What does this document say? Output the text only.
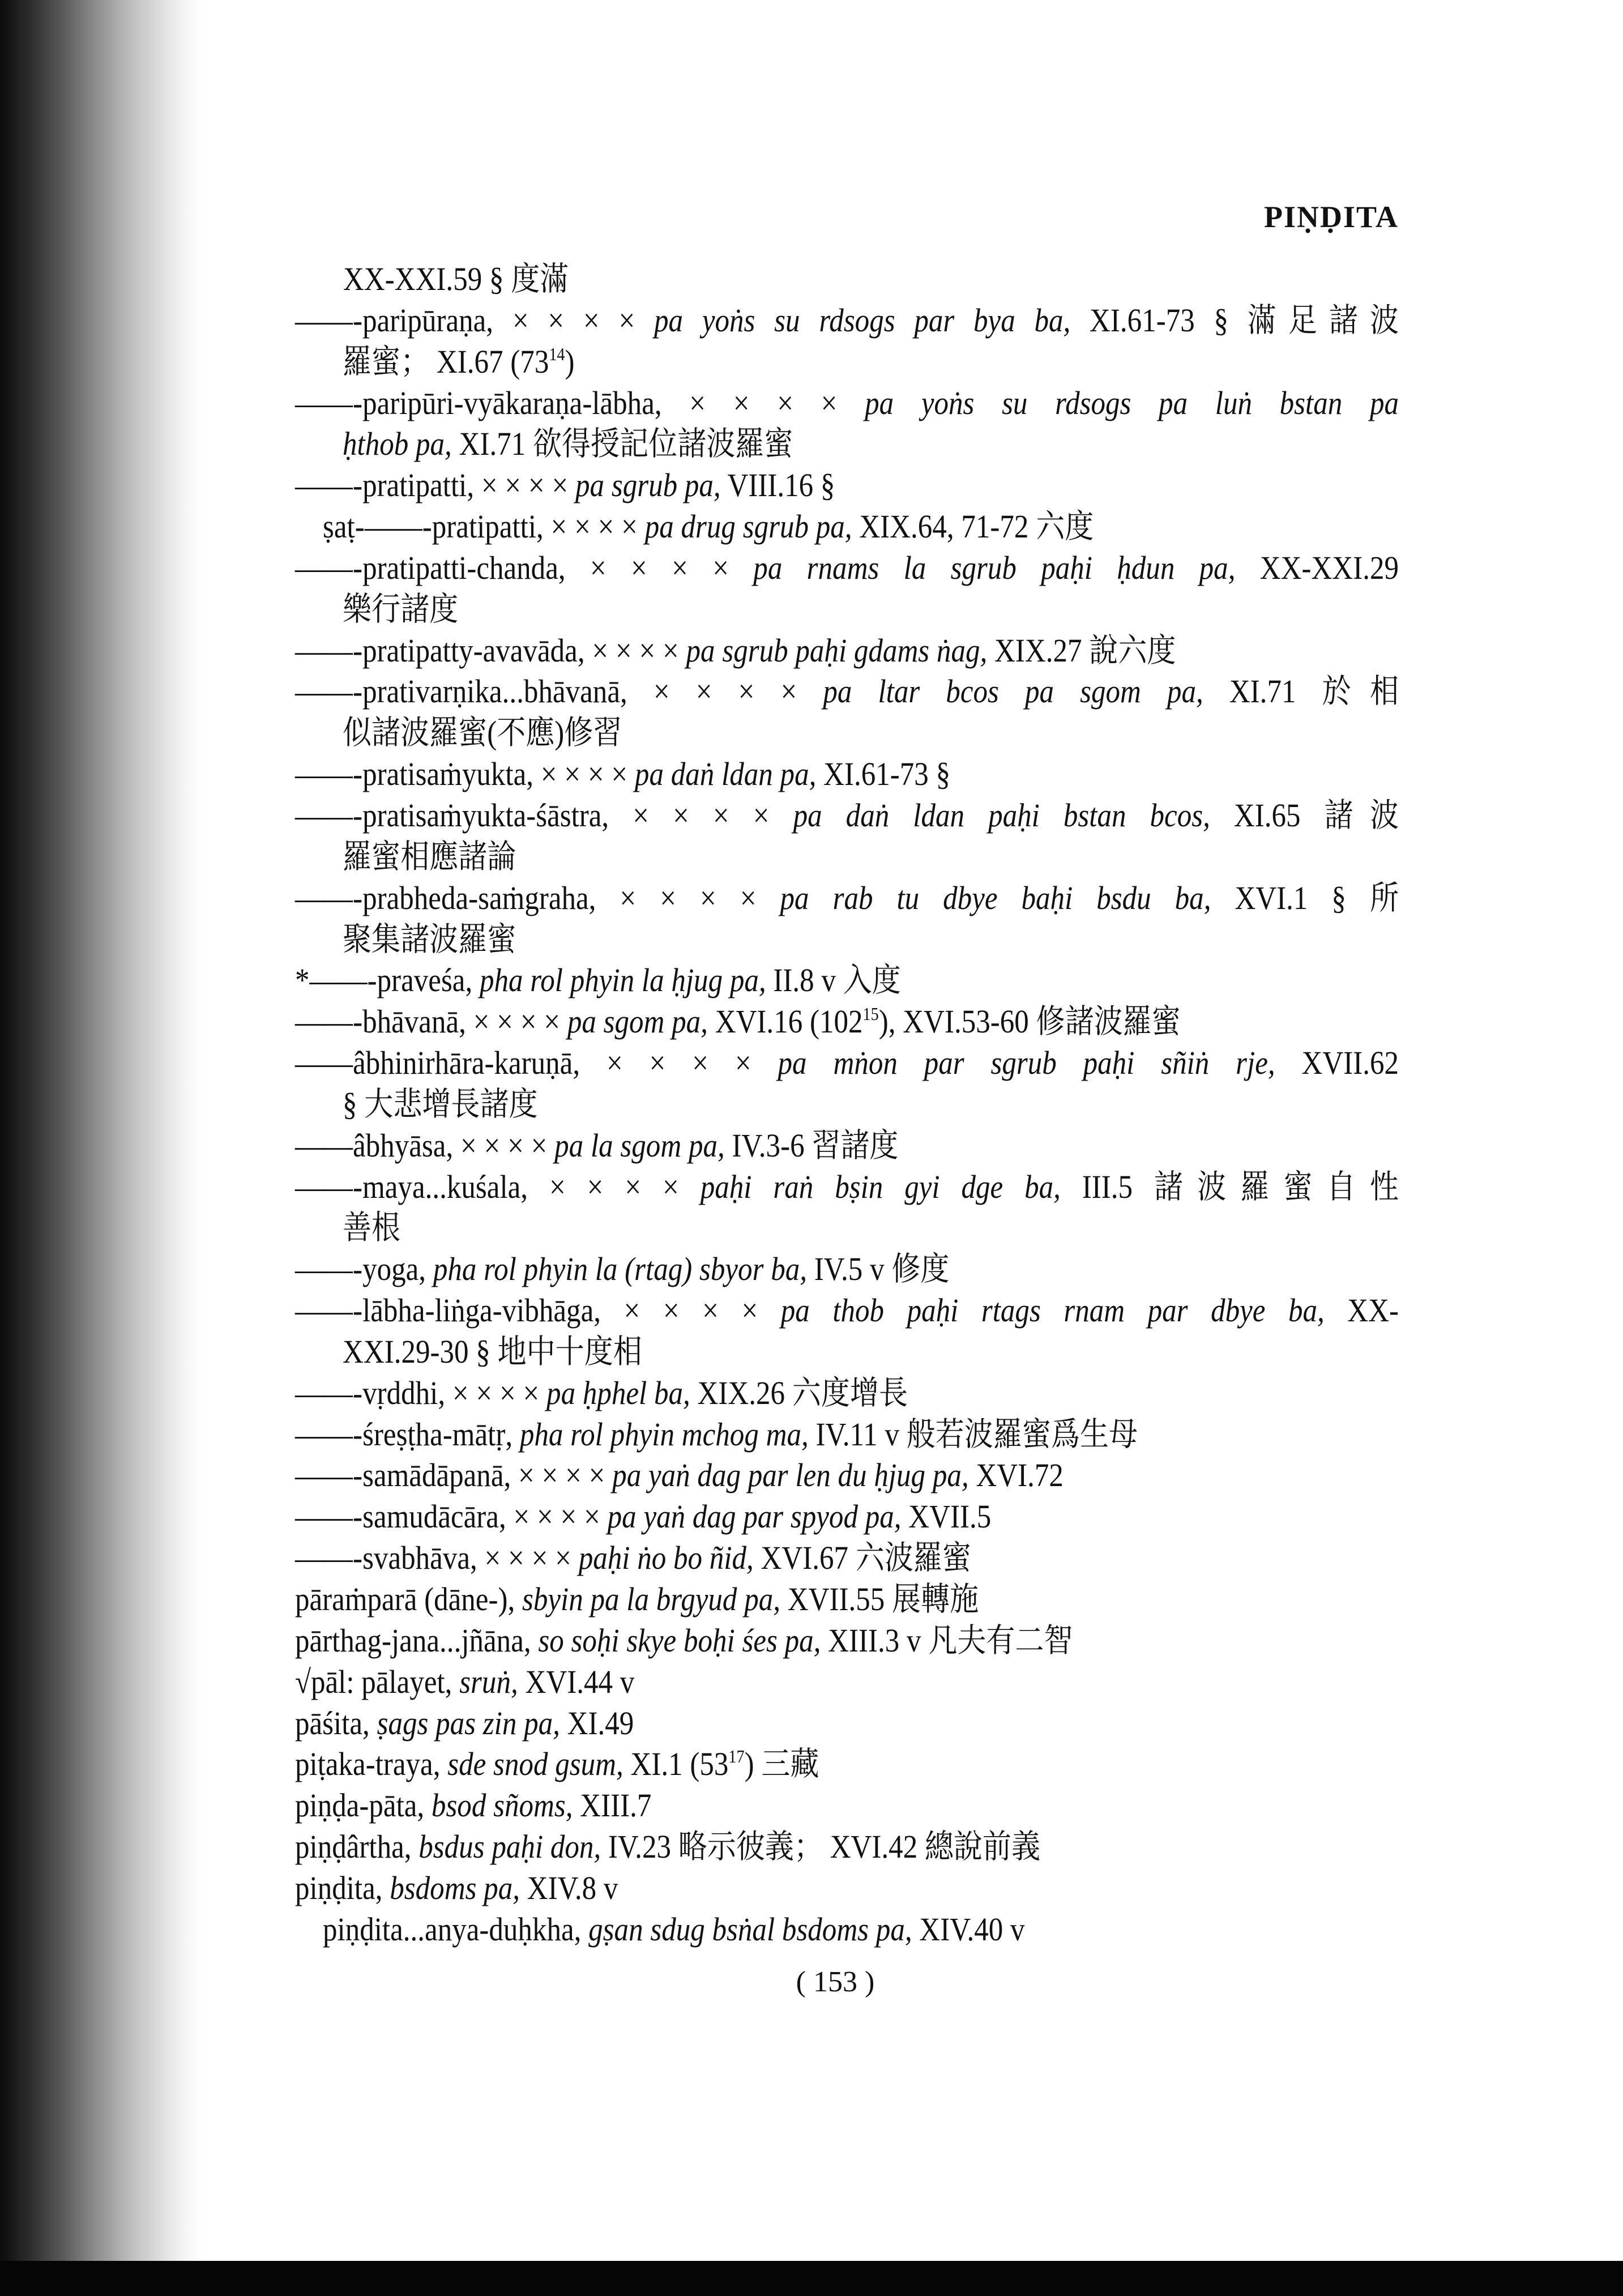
PIṆḌITA
XX-XXI.59 § 度滿
——-paripūraṇa, × × × × pa yoṅs su rdsogs par bya ba, XI.61-73 § 滿足諸波
羅蜜； XI.67 $(73^{14})$
——-paripūri-vyākaraṇa-lābha, × × × × pa yoṅs su rdsogs pa luṅ bstan pa
ḥthob pa, XI.71 欲得授記位諸波羅蜜
——-pratipatti, × × × × pa sgrub pa, VIII.16 §
ṣaṭ-——-pratipatti, × × × × pa drug sgrub pa, XIX.64, 71-72 六度
——-pratipatti-chanda, × × × × pa rnams la sgrub paḥi ḥdun pa, XX-XXI.29
樂行諸度
——-pratipatty-avavāda, × × × × pa sgrub paḥi gdams ṅag, XIX.27 說六度
——-prativarṇika...bhāvanā, × × × × pa ltar bcos pa sgom pa, XI.71 於相
似諸波羅蜜(不應)修習
——-pratisaṁyukta, × × × × pa daṅ ldan pa, XI.61-73 §
——-pratisaṁyukta-śāstra, × × × × pa daṅ ldan paḥi bstan bcos, XI.65 諸波
羅蜜相應諸論
——-prabheda-saṁgraha, × × × × pa rab tu dbye baḥi bsdu ba, XVI.1 § 所
聚集諸波羅蜜
*——-praveśa, pha rol phyin la ḥjug pa, II.8 v 入度
——-bhāvanā, × × × × pa sgom pa, XVI.16 $(102^{15})$, XVI.53-60 修諸波羅蜜
——âbhinirhāra-karuṇā, × × × × pa mṅon par sgrub paḥi sñiṅ rje, XVII.62
§ 大悲增長諸度
——âbhyāsa, × × × × pa la sgom pa, IV.3-6 習諸度
——-maya...kuśala, × × × × paḥi raṅ bṣin gyi dge ba, III.5 諸波羅蜜自性
善根
——-yoga, pha rol phyin la (rtag) sbyor ba, IV.5 v 修度
——-lābha-liṅga-vibhāga, × × × × pa thob paḥi rtags rnam par dbye ba, XX-
XXI.29-30 § 地中十度相
——-vṛddhi, × × × × pa ḥphel ba, XIX.26 六度增長
——-śreṣṭha-mātṛ, pha rol phyin mchog ma, IV.11 v 般若波羅蜜爲生母
——-samādāpanā, × × × × pa yaṅ dag par len du ḥjug pa, XVI.72
——-samudācāra, × × × × pa yaṅ dag par spyod pa, XVII.5
——-svabhāva, × × × × paḥi ṅo bo ñid, XVI.67 六波羅蜜
pāraṁparā (dāne-), sbyin pa la brgyud pa, XVII.55 展轉施
pārthag-jana...jñāna, so soḥi skye boḥi śes pa, XIII.3 v 凡夫有二智
√pāl: pālayet, sruṅ, XVI.44 v
pāśita, ṣags pas zin pa, XI.49
piṭaka-traya, sde snod gsum, XI.1 $(53^{17})$ 三藏
piṇḍa-pāta, bsod sñoms, XIII.7
piṇḍârtha, bsdus paḥi don, IV.23 略示彼義； XVI.42 總說前義
piṇḍita, bsdoms pa, XIV.8 v
piṇḍita...anya-duḥkha, gṣan sdug bsṅal bsdoms pa, XIV.40 v
( 153 )
